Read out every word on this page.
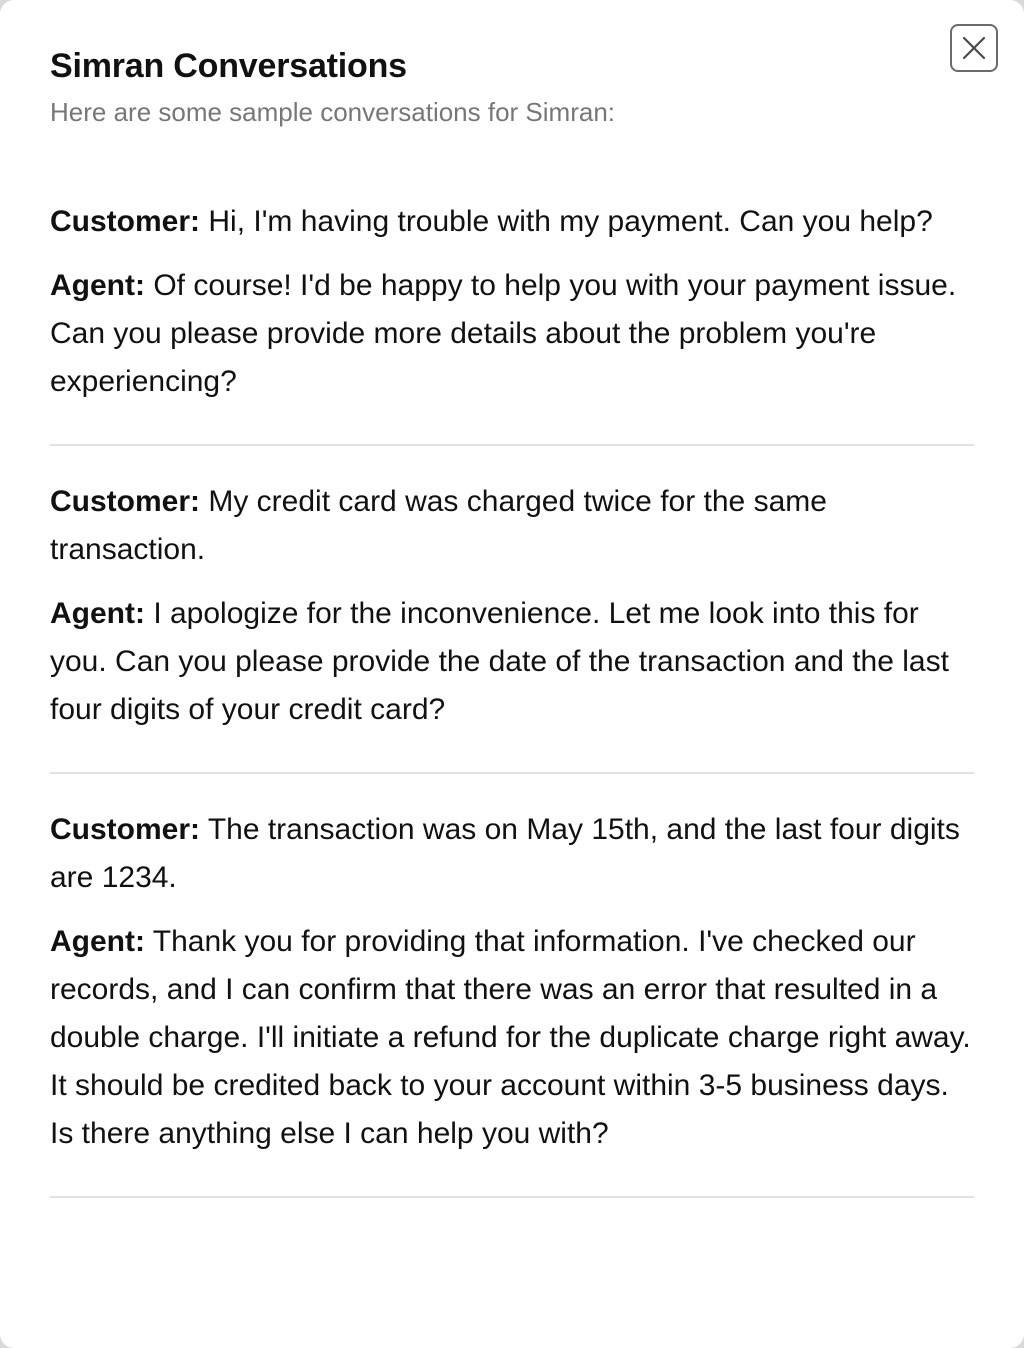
Simran Conversations

Here are some sample conversations for Simran:

Customer: Hi, I'm having trouble with my payment. Can you help?

Agent: Of course! I'd be happy to help you with your payment issue. Can you please provide more details about the problem you're experiencing?

Customer: My credit card was charged twice for the same transaction.

Agent: I apologize for the inconvenience. Let me look into this for you. Can you please provide the date of the transaction and the last four digits of your credit card?

Customer: The transaction was on May 15th, and the last four digits are 1234.

Agent: Thank you for providing that information. I've checked our records, and I can confirm that there was an error that resulted in a double charge. I'll initiate a refund for the duplicate charge right away. It should be credited back to your account within 3-5 business days. Is there anything else I can help you with?
